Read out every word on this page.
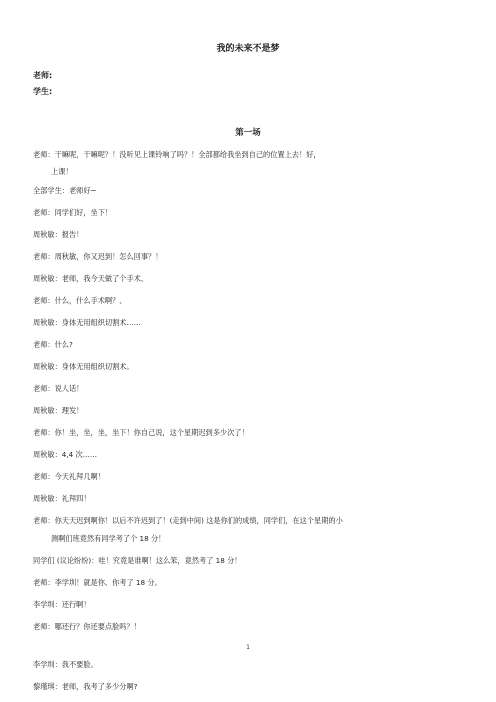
我的未来不是梦
老师:
学生:
第一场
老师：干嘛呢，干嘛呢？！没听见上课铃响了吗？！全部都给我坐到自己的位置上去！好，
上课！
全部学生：老师好~
老师：同学们好，坐下！
周秋敏：报告！
老师：周秋敏，你又迟到！怎么回事？！
周秋敏：老师，我今天做了个手术、
老师：什么，什么手术啊？、
周秋敏：身体无用组织切割术……
老师：什么?
周秋敏：身体无用组织切割术。
老师：说人话！
周秋敏：理发！
老师：你！坐，坐，坐，坐下！你自己说，这个星期迟到多少次了！
周秋敏：4,4 次……
老师：今天礼拜几啊！
周秋敏：礼拜四！
老师：你天天迟到啊你！以后不许迟到了！(走到中间) 这是你们的成绩，同学们，在这个星期的小
测啊们班竟然有同学考了个 18 分！
同学们 (议论纷纷)：哇！究竟是谁啊！这么笨，竟然考了 18 分！
老师：李学圳！就是你、你考了 18 分。
李学圳：还行啊！
老师：哪还行？你还要点脸吗？！
李学圳：我不要脸。
黎瑾琪：老师，我考了多少分啊?
1
